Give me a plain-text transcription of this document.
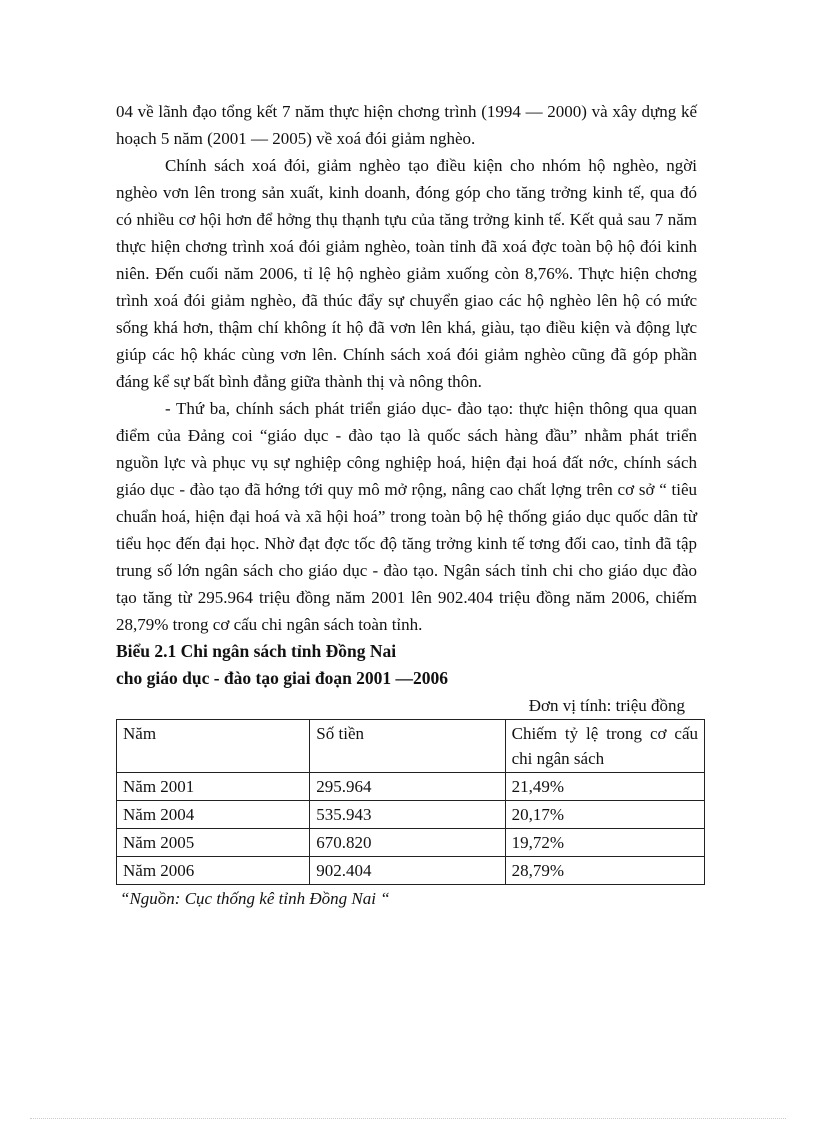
04 về lãnh đạo tổng kết 7 năm thực hiện chơng trình (1994 — 2000) và xây dựng kế hoạch 5 năm (2001 — 2005) về xoá đói giảm nghèo.

Chính sách xoá đói, giảm nghèo tạo điều kiện cho nhóm hộ nghèo, ngời nghèo vơn lên trong sản xuất, kinh doanh, đóng góp cho tăng trởng kinh tế, qua đó có nhiều cơ hội hơn để hởng thụ thạnh tựu của tăng trởng kinh tế. Kết quả sau 7 năm thực hiện chơng trình xoá đói giảm nghèo, toàn tỉnh đã xoá đợc toàn bộ hộ đói kinh niên. Đến cuối năm 2006, tỉ lệ hộ nghèo giảm xuống còn 8,76%. Thực hiện chơng trình xoá đói giảm nghèo, đã thúc đẩy sự chuyển giao các hộ nghèo lên hộ có mức sống khá hơn, thậm chí không ít hộ đã vơn lên khá, giàu, tạo điều kiện và động lực giúp các hộ khác cùng vơn lên. Chính sách xoá đói giảm nghèo cũng đã góp phần đáng kể sự bất bình đẳng giữa thành thị và nông thôn.

- Thứ ba, chính sách phát triển giáo dục- đào tạo: thực hiện thông qua quan điểm của Đảng coi “giáo dục - đào tạo là quốc sách hàng đầu” nhằm phát triển nguồn lực và phục vụ sự nghiệp công nghiệp hoá, hiện đại hoá đất nớc, chính sách giáo dục - đào tạo đã hớng tới quy mô mở rộng, nâng cao chất lợng trên cơ sở “ tiêu chuẩn hoá, hiện đại hoá và xã hội hoá” trong toàn bộ hệ thống giáo dục quốc dân từ tiểu học đến đại học. Nhờ đạt đợc tốc độ tăng trởng kinh tế tơng đối cao, tỉnh đã tập trung số lớn ngân sách cho giáo dục - đào tạo. Ngân sách tỉnh chi cho giáo dục đào tạo tăng từ 295.964 triệu đồng năm 2001 lên 902.404 triệu đồng năm 2006, chiếm 28,79% trong cơ cấu chi ngân sách toàn tỉnh.

Biểu 2.1 Chi ngân sách tỉnh Đồng Nai

cho giáo dục - đào tạo giai đoạn 2001 —2006

Đơn vị tính: triệu đồng

Năm	Số tiền	Chiếm tỷ lệ trong cơ cấu chi ngân sách
Năm 2001	295.964	21,49%
Năm 2004	535.943	20,17%
Năm 2005	670.820	19,72%
Năm 2006	902.404	28,79%

“Nguồn: Cục thống kê tỉnh Đồng Nai “
